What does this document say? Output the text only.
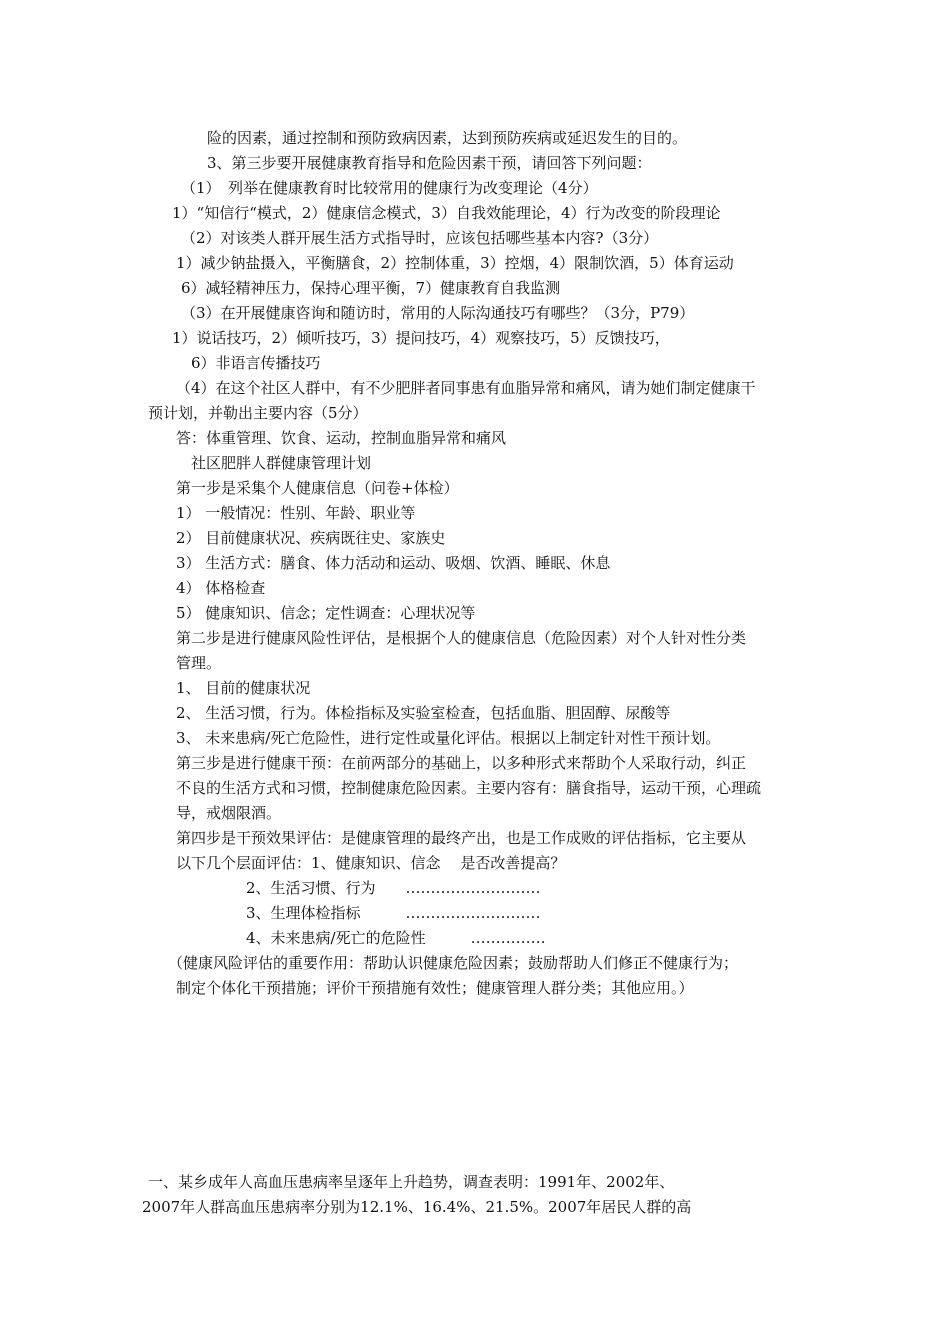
险的因素，通过控制和预防致病因素，达到预防疾病或延迟发生的目的。
3、第三步要开展健康教育指导和危险因素干预，请回答下列问题：
（1）　列举在健康教育时比较常用的健康行为改变理论（4分）
1）“知信行“模式，2）健康信念模式，3）自我效能理论，4）行为改变的阶段理论
（2）对该类人群开展生活方式指导时，应该包括哪些基本内容?（3分）
1）减少钠盐摄入，平衡膳食，2）控制体重，3）控烟，4）限制饮酒，5）体育运动
6）减轻精神压力，保持心理平衡，7）健康教育自我监测
（3）在开展健康咨询和随访时，常用的人际沟通技巧有哪些？（3分，P79）
1）说话技巧，2）倾听技巧，3）提问技巧，4）观察技巧，5）反馈技巧，
6）非语言传播技巧
（4）在这个社区人群中，有不少肥胖者同事患有血脂异常和痛风，请为她们制定健康干
预计划，并勒出主要内容（5分）
答：体重管理、饮食、运动，控制血脂异常和痛风
社区肥胖人群健康管理计划
第一步是采集个人健康信息（问卷+体检）
1） 一般情况：性别、年龄、职业等
2） 目前健康状况、疾病既往史、家族史
3） 生活方式：膳食、体力活动和运动、吸烟、饮酒、睡眠、休息
4） 体格检查
5） 健康知识、信念；定性调查：心理状况等
第二步是进行健康风险性评估，是根据个人的健康信息（危险因素）对个人针对性分类
管理。
1、 目前的健康状况
2、 生活习惯，行为。体检指标及实验室检查，包括血脂、胆固醇、尿酸等
3、 未来患病/死亡危险性，进行定性或量化评估。根据以上制定针对性干预计划。
第三步是进行健康干预：在前两部分的基础上，以多种形式来帮助个人采取行动，纠正
不良的生活方式和习惯，控制健康危险因素。主要内容有：膳食指导，运动干预，心理疏
导，戒烟限酒。
第四步是干预效果评估：是健康管理的最终产出，也是工作成败的评估指标，它主要从
以下几个层面评估：1、健康知识、信念　 是否改善提高？
2、生活习惯、行为　　………………………
3、生理体检指标　　　………………………
4、未来患病/死亡的危险性　　　……………
（健康风险评估的重要作用：帮助认识健康危险因素；鼓励帮助人们修正不健康行为；
制定个体化干预措施；评价干预措施有效性；健康管理人群分类；其他应用。）
一、某乡成年人高血压患病率呈逐年上升趋势，调查表明：1991年、2002年、
2007年人群高血压患病率分别为12.1%、16.4%、21.5%。2007年居民人群的高
